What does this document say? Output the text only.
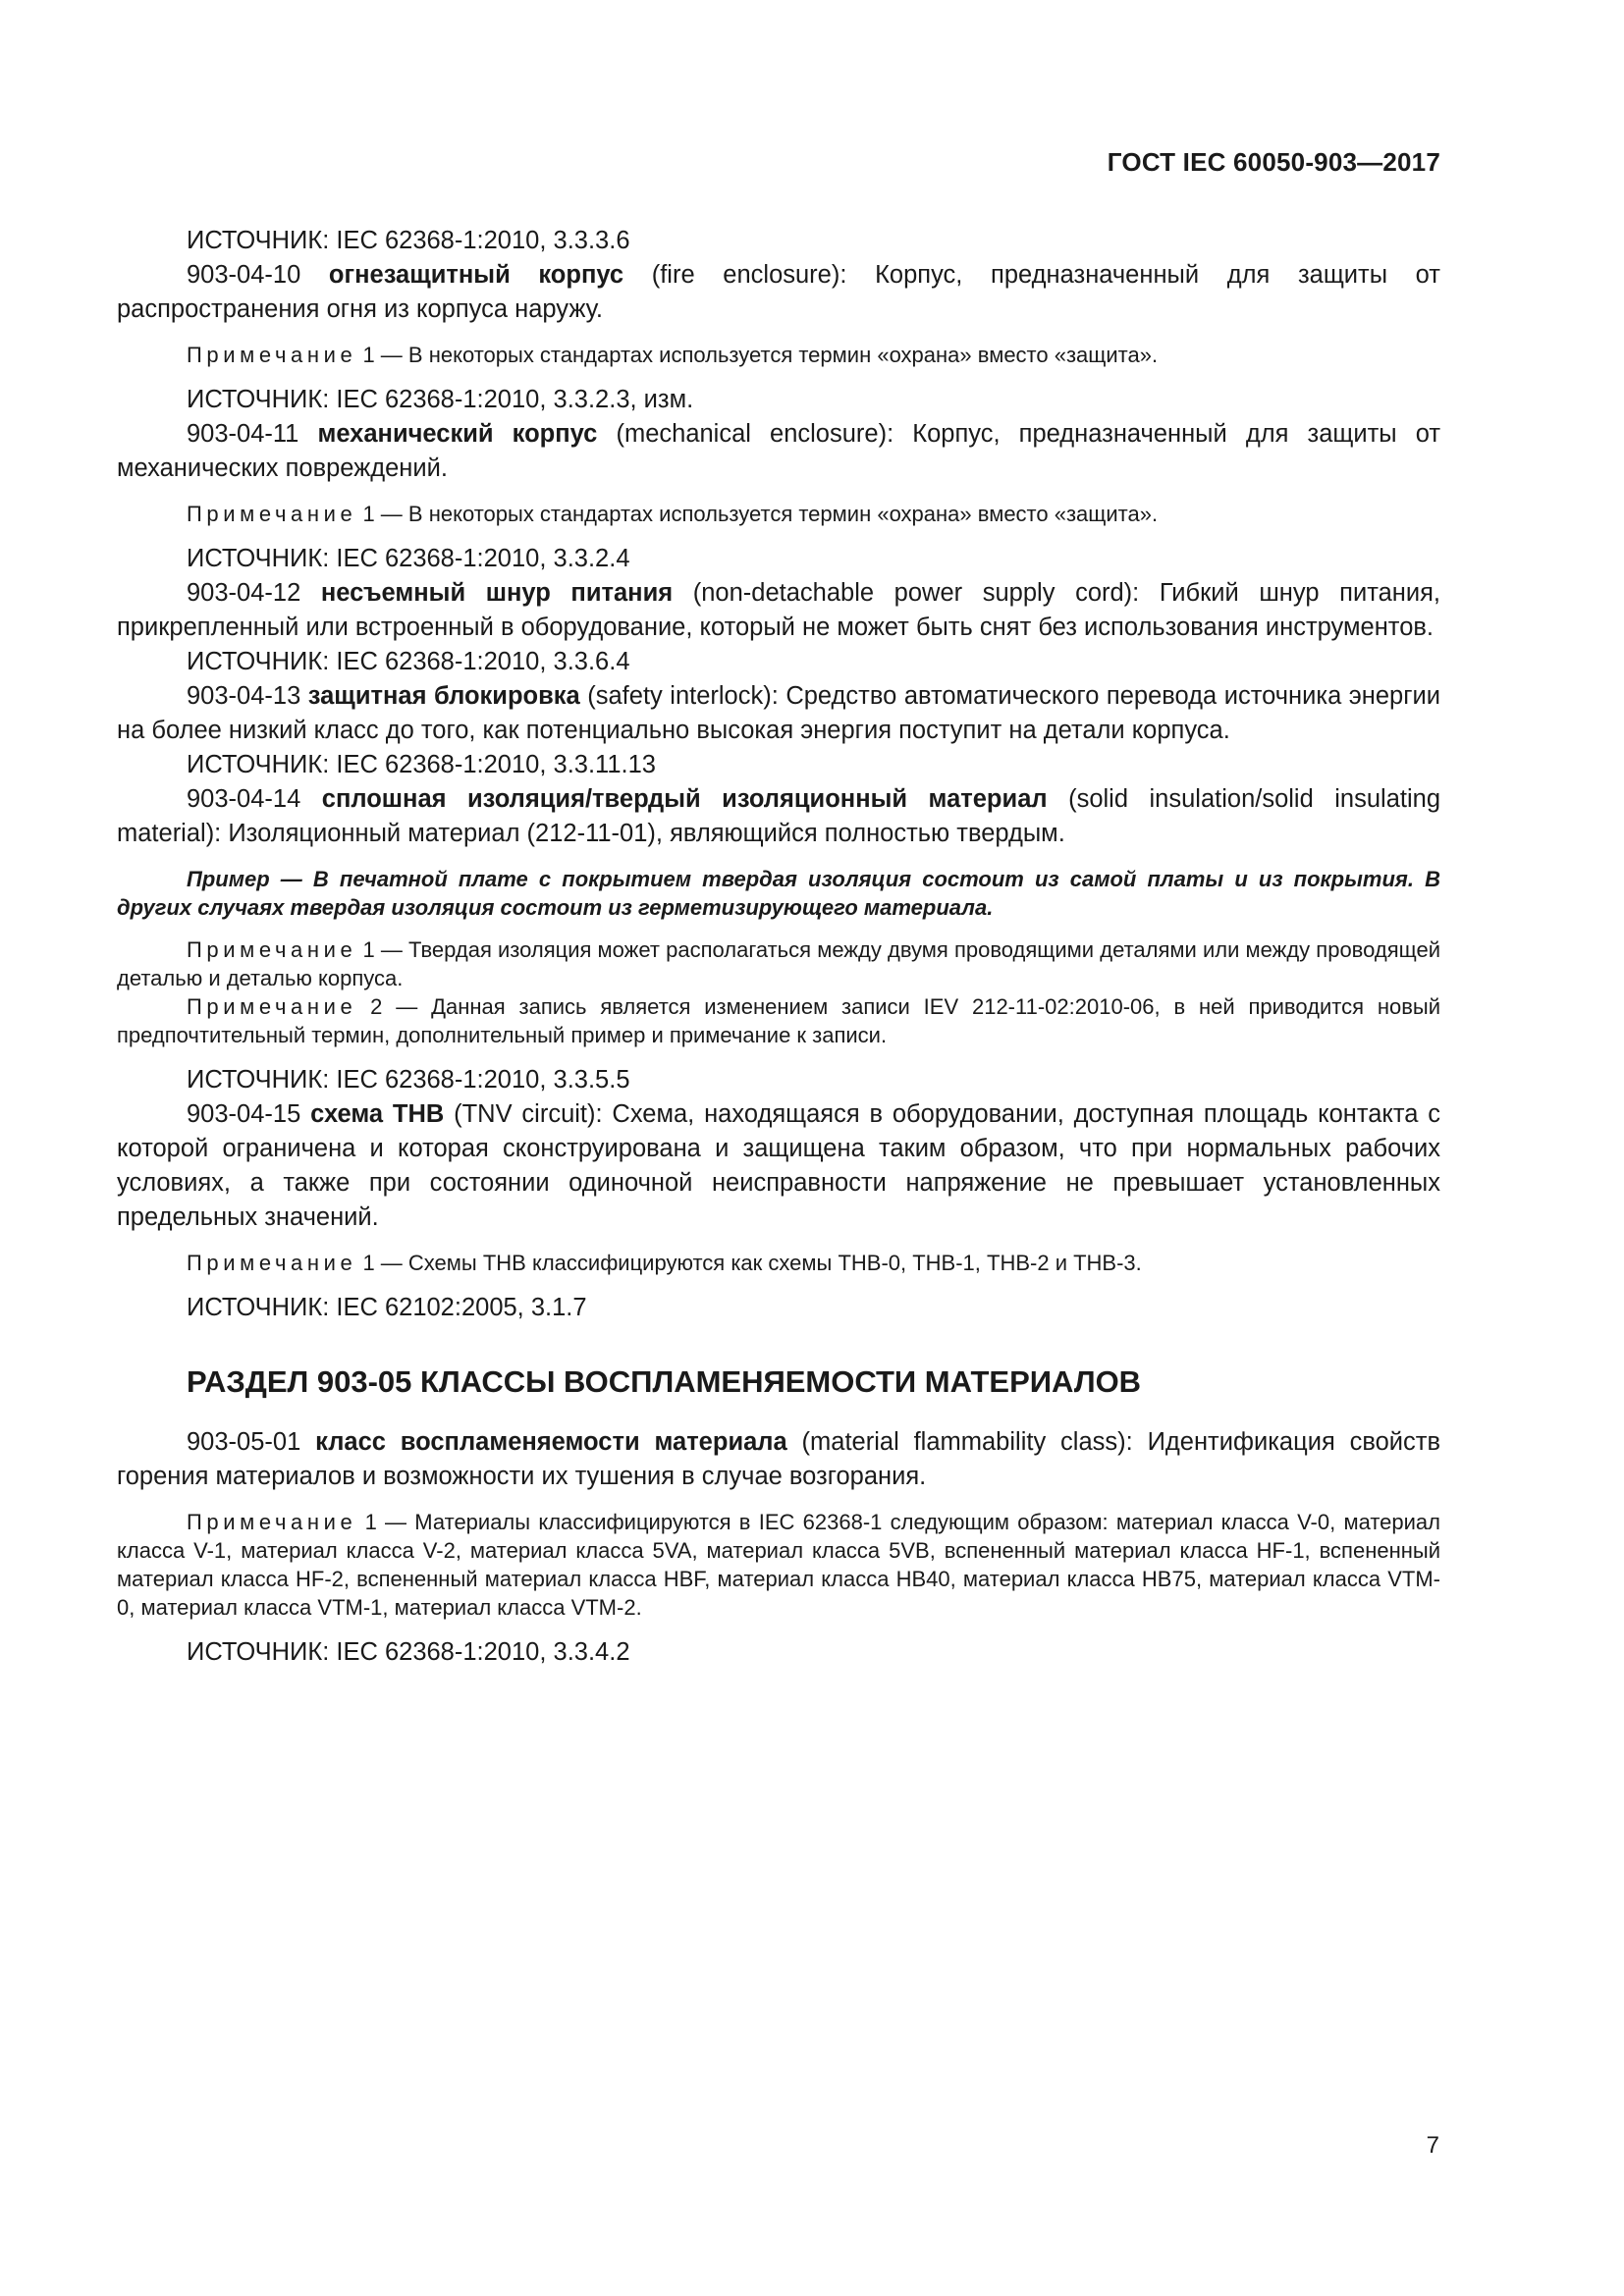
ГОСТ IEC 60050-903—2017

ИСТОЧНИК: IEC 62368-1:2010, 3.3.3.6

903-04-10 огнезащитный корпус (fire enclosure): Корпус, предназначенный для защиты от распространения огня из корпуса наружу.

Примечание 1 — В некоторых стандартах используется термин «охрана» вместо «защита».

ИСТОЧНИК: IEC 62368-1:2010, 3.3.2.3, изм.

903-04-11 механический корпус (mechanical enclosure): Корпус, предназначенный для защиты от механических повреждений.

Примечание 1 — В некоторых стандартах используется термин «охрана» вместо «защита».

ИСТОЧНИК: IEC 62368-1:2010, 3.3.2.4

903-04-12 несъемный шнур питания (non-detachable power supply cord): Гибкий шнур питания, прикрепленный или встроенный в оборудование, который не может быть снят без использования инструментов.

ИСТОЧНИК: IEC 62368-1:2010, 3.3.6.4

903-04-13 защитная блокировка (safety interlock): Средство автоматического перевода источника энергии на более низкий класс до того, как потенциально высокая энергия поступит на детали корпуса.

ИСТОЧНИК: IEC 62368-1:2010, 3.3.11.13

903-04-14 сплошная изоляция/твердый изоляционный материал (solid insulation/solid insulating material): Изоляционный материал (212-11-01), являющийся полностью твердым.

Пример — В печатной плате с покрытием твердая изоляция состоит из самой платы и из покрытия. В других случаях твердая изоляция состоит из герметизирующего материала.

Примечание 1 — Твердая изоляция может располагаться между двумя проводящими деталями или между проводящей деталью и деталью корпуса.

Примечание 2 — Данная запись является изменением записи IEV 212-11-02:2010-06, в ней приводится новый предпочтительный термин, дополнительный пример и примечание к записи.

ИСТОЧНИК: IEC 62368-1:2010, 3.3.5.5

903-04-15 схема ТНВ (TNV circuit): Схема, находящаяся в оборудовании, доступная площадь контакта с которой ограничена и которая сконструирована и защищена таким образом, что при нормальных рабочих условиях, а также при состоянии одиночной неисправности напряжение не превышает установленных предельных значений.

Примечание 1 — Схемы ТНВ классифицируются как схемы ТНВ-0, ТНВ-1, ТНВ-2 и ТНВ-3.

ИСТОЧНИК: IEC 62102:2005, 3.1.7

РАЗДЕЛ 903-05 КЛАССЫ ВОСПЛАМЕНЯЕМОСТИ МАТЕРИАЛОВ

903-05-01 класс воспламеняемости материала (material flammability class): Идентификация свойств горения материалов и возможности их тушения в случае возгорания.

Примечание 1 — Материалы классифицируются в IEC 62368-1 следующим образом: материал класса V-0, материал класса V-1, материал класса V-2, материал класса 5VA, материал класса 5VB, вспененный материал класса HF-1, вспененный материал класса HF-2, вспененный материал класса HBF, материал класса HB40, материал класса HB75, материал класса VTM-0, материал класса VTM-1, материал класса VTM-2.

ИСТОЧНИК: IEC 62368-1:2010, 3.3.4.2

7
